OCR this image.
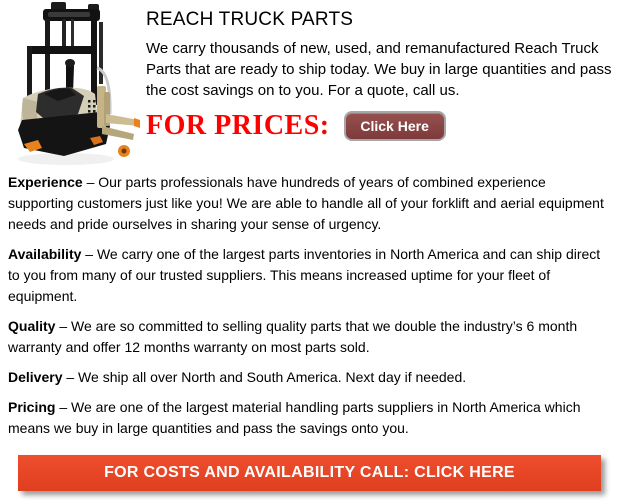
REACH TRUCK PARTS

We carry thousands of new, used, and remanufactured Reach Truck Parts that are ready to ship today. We buy in large quantities and pass the cost savings on to you. For a quote, call us.

FOR PRICES:	Click Here

Experience – Our parts professionals have hundreds of years of combined experience supporting customers just like you! We are able to handle all of your forklift and aerial equipment needs and pride ourselves in sharing your sense of urgency.

Availability – We carry one of the largest parts inventories in North America and can ship direct to you from many of our trusted suppliers. This means increased uptime for your fleet of equipment.

Quality – We are so committed to selling quality parts that we double the industry’s 6 month warranty and offer 12 months warranty on most parts sold.

Delivery – We ship all over North and South America. Next day if needed.

Pricing – We are one of the largest material handling parts suppliers in North America which means we buy in large quantities and pass the savings onto you.

FOR COSTS AND AVAILABILITY CALL: CLICK HERE
